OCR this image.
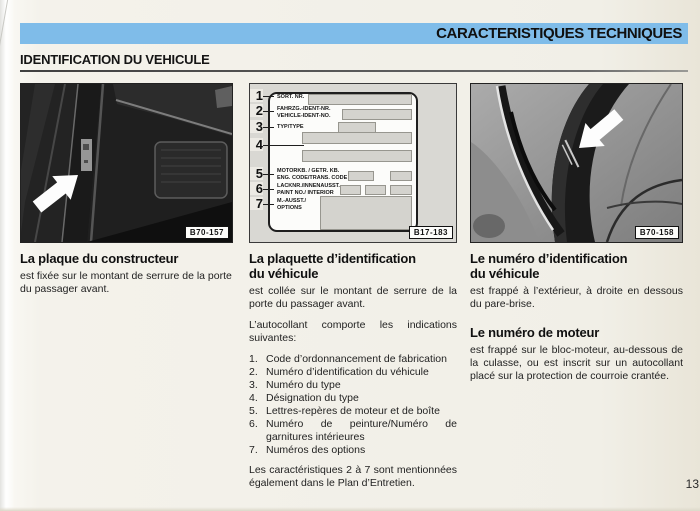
CARACTERISTIQUES TECHNIQUES
IDENTIFICATION DU VEHICULE
B70-157
La plaque du constructeur

est fixée sur le montant de serrure de la porte du passager avant.

1	SORT. NR.
2	FAHRZG.-IDENT-NR.
VEHICLE-IDENT-NO.
3	TYP/TYPE
4
5	MOTORKB. / GETR. KB.
ENG. CODE/TRANS. CODE
6	LACKNR./INNENAUSST.
PAINT NO./ INTERIOR
7	M.-AUSST./
OPTIONS
B17-183
La plaquette d’identification
du véhicule

est collée sur le montant de serrure de la porte du passager avant.

L’autocollant comporte les indications suivantes:

1. Code d’ordonnancement de fabrication
2. Numéro d’identification du véhicule
3. Numéro du type
4. Désignation du type
5. Lettres-repères de moteur et de boîte
6. Numéro de peinture/Numéro de garnitures intérieures
7. Numéros des options

Les caractéristiques 2 à 7 sont mentionnées également dans le Plan d’Entretien.

B70-158
Le numéro d’identification
du véhicule

est frappé à l’extérieur, à droite en dessous du pare-brise.

Le numéro de moteur

est frappé sur le bloc-moteur, au-dessous de la culasse, ou est inscrit sur un autocollant placé sur la protection de courroie crantée.

13
